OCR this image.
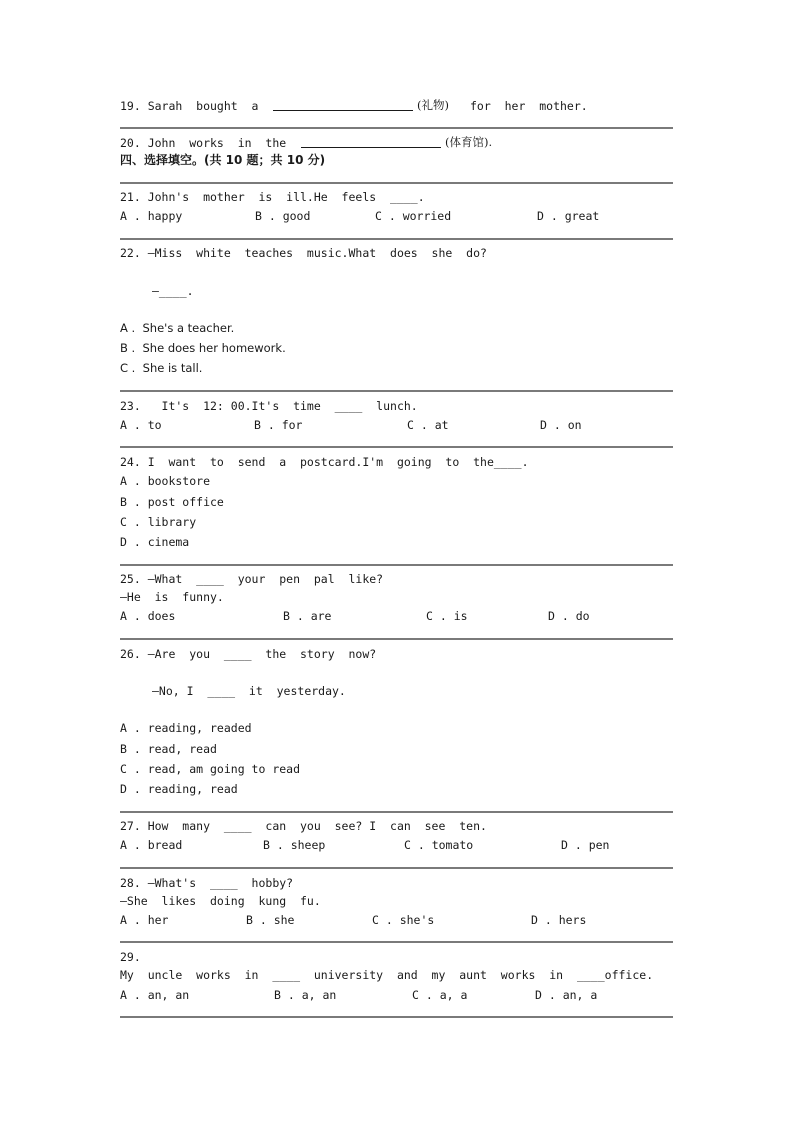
19. Sarah  bought  a	(礼物) for  her  mother.
20. John  works  in  the	(体育馆).
四、选择填空。(共 10 题；共 10 分)
21. John's  mother  is  ill.He  feels  ____.
A . happy	B . good	C . worried	D . great
22. —Miss  white  teaches  music.What  does  she  do?
—____.
A .  She's a teacher.
B .  She does her homework.
C .  She is tall.
23.   It's  12: 00.It's  time  ____  lunch.
A . to	B . for	C . at	D . on
24. I  want  to  send  a  postcard.I'm  going  to  the____.
A . bookstore
B . post office
C . library
D . cinema
25. —What  ____  your  pen  pal  like?
—He  is  funny.
A . does	B . are	C . is	D . do
26. —Are  you  ____  the  story  now?
—No, I  ____  it  yesterday.
A . reading, readed
B . read, read
C . read, am going to read
D . reading, read
27. How  many  ____  can  you  see? I  can  see  ten.
A . bread	B . sheep	C . tomato	D . pen
28. —What's  ____  hobby?
—She  likes  doing  kung  fu.
A . her	B . she	C . she's	D . hers
29.
My  uncle  works  in  ____  university  and  my  aunt  works  in  ____office.
A . an, an	B . a, an	C . a, a	D . an, a
